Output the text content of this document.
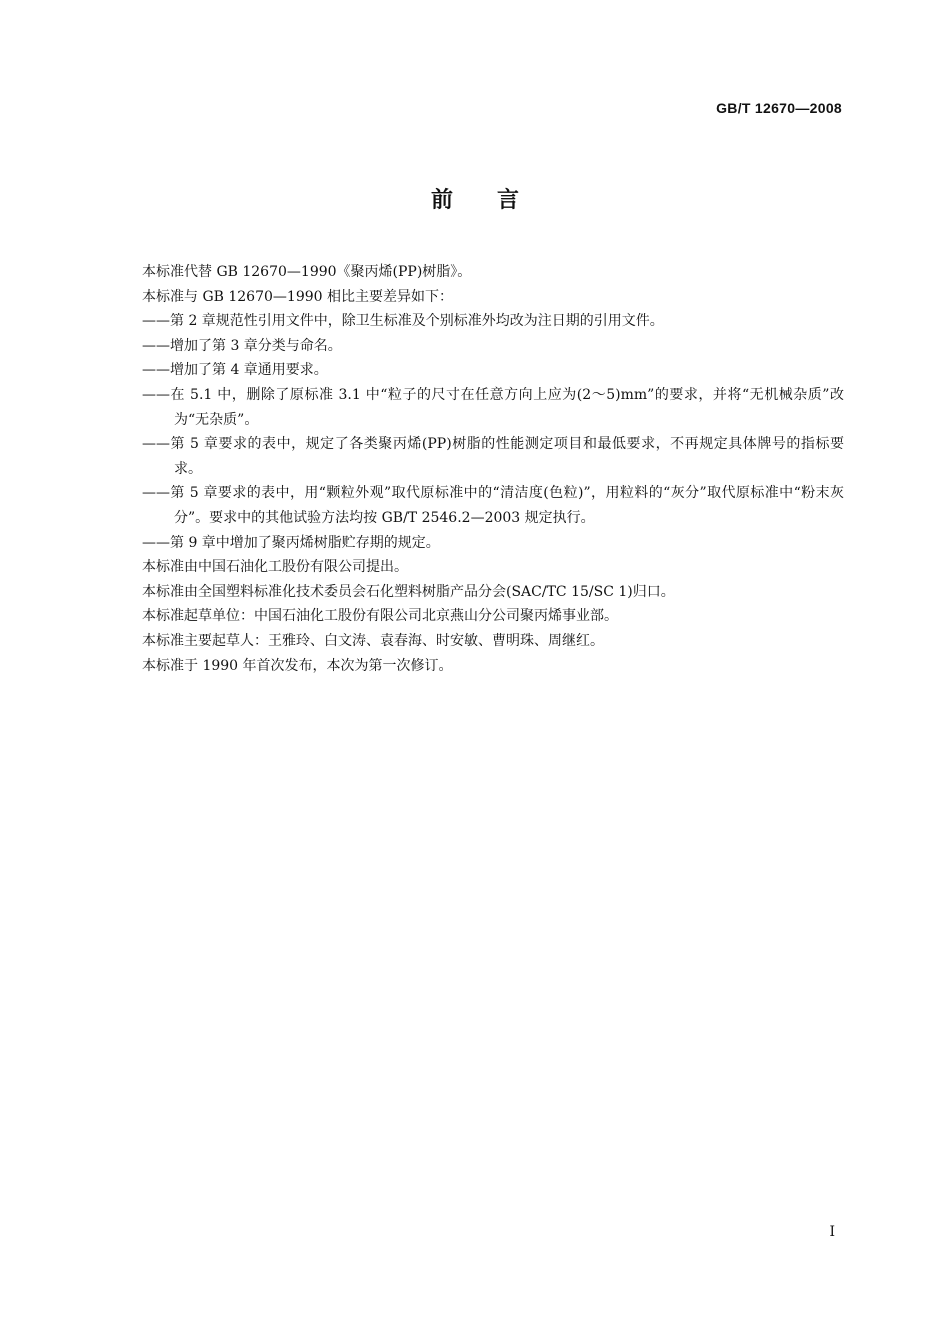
GB/T 12670—2008
前言

本标准代替 GB 12670—1990《聚丙烯(PP)树脂》。

本标准与 GB 12670—1990 相比主要差异如下：

——第 2 章规范性引用文件中，除卫生标准及个别标准外均改为注日期的引用文件。

——增加了第 3 章分类与命名。

——增加了第 4 章通用要求。

——在 5.1 中，删除了原标准 3.1 中“粒子的尺寸在任意方向上应为(2～5)mm”的要求，并将“无机械杂质”改为“无杂质”。

——第 5 章要求的表中，规定了各类聚丙烯(PP)树脂的性能测定项目和最低要求，不再规定具体牌号的指标要求。

——第 5 章要求的表中，用“颗粒外观”取代原标准中的“清洁度(色粒)”，用粒料的“灰分”取代原标准中“粉末灰分”。要求中的其他试验方法均按 GB/T 2546.2—2003 规定执行。

——第 9 章中增加了聚丙烯树脂贮存期的规定。

本标准由中国石油化工股份有限公司提出。

本标准由全国塑料标准化技术委员会石化塑料树脂产品分会(SAC/TC 15/SC 1)归口。

本标准起草单位：中国石油化工股份有限公司北京燕山分公司聚丙烯事业部。

本标准主要起草人：王雅玲、白文涛、袁春海、时安敏、曹明珠、周继红。

本标准于 1990 年首次发布，本次为第一次修订。

I
